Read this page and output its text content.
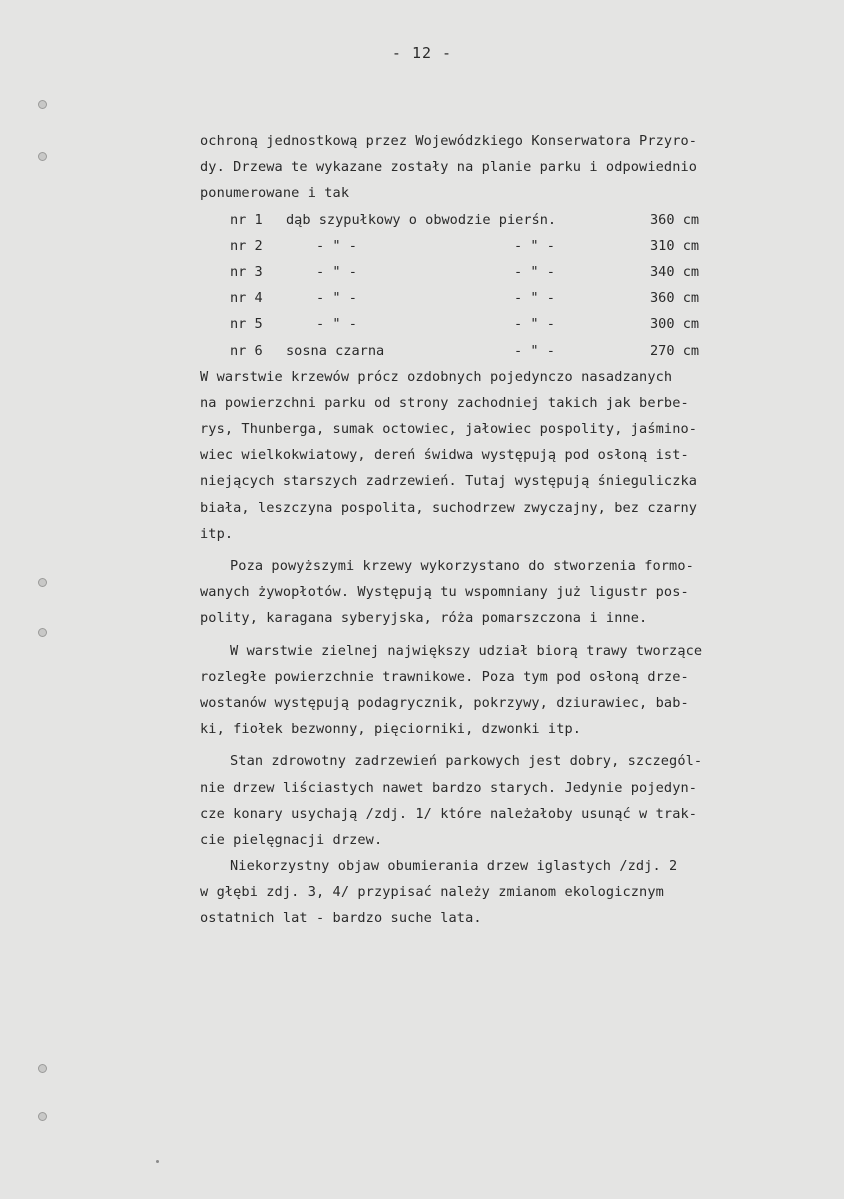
- 12 -
ochroną jednostkową przez Wojewódzkiego Konserwatora Przyro-
dy. Drzewa te wykazane zostały na planie parku i odpowiednio
ponumerowane i tak
nr 1 dąb szypułkowy o obwodzie pierśn.	360 cm
nr 2	- " -	- " -	310 cm
nr 3	- " -	- " -	340 cm
nr 4	- " -	- " -	360 cm
nr 5	- " -	- " -	300 cm
nr 6 sosna czarna	- " -	270 cm
W warstwie krzewów prócz ozdobnych pojedynczo nasadzanych
na powierzchni parku od strony zachodniej takich jak berbe-
rys, Thunberga, sumak octowiec, jałowiec pospolity, jaśmino-
wiec wielkokwiatowy, dereń świdwa występują pod osłoną ist-
niejących starszych zadrzewień. Tutaj występują śnieguliczka
biała, leszczyna pospolita, suchodrzew zwyczajny, bez czarny
itp.
Poza powyższymi krzewy wykorzystano do stworzenia formo-
wanych żywopłotów. Występują tu wspomniany już ligustr pos-
polity, karagana syberyjska, róża pomarszczona i inne.
W warstwie zielnej największy udział biorą trawy tworzące
rozległe powierzchnie trawnikowe. Poza tym pod osłoną drze-
wostanów występują podagrycznik, pokrzywy, dziurawiec, bab-
ki, fiołek bezwonny, pięciorniki, dzwonki itp.
Stan zdrowotny zadrzewień parkowych jest dobry, szczegól-
nie drzew liściastych nawet bardzo starych. Jedynie pojedyn-
cze konary usychają /zdj. 1/ które należałoby usunąć w trak-
cie pielęgnacji drzew.
Niekorzystny objaw obumierania drzew iglastych /zdj. 2
w głębi zdj. 3, 4/ przypisać należy zmianom ekologicznym
ostatnich lat - bardzo suche lata.
